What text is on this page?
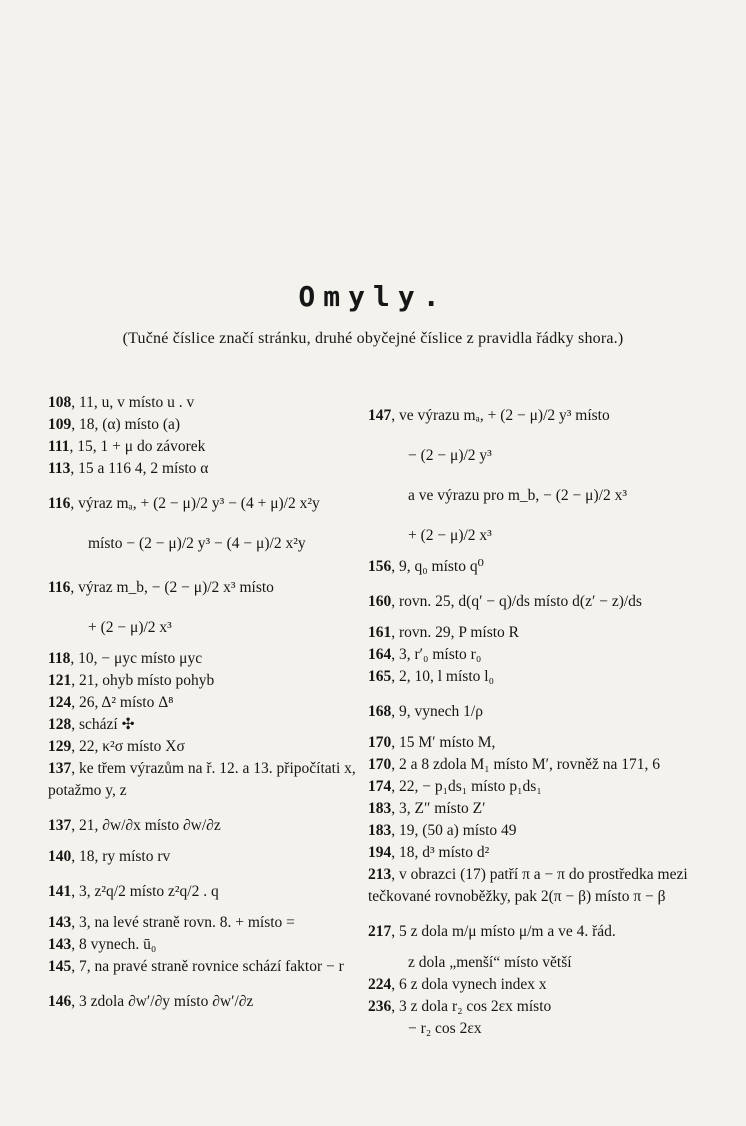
Omyly.
(Tučné číslice značí stránku, druhé obyčejné číslice z pravidla řádky shora.)
108, 11, u, v místo u . v
109, 18, (α) místo (a)
111, 15, 1 + μ do závorek
113, 15 a 116 4, 2 místo α
116, výraz mₐ, + (2 − μ)/2 y³ − (4 + μ)/2 x²y
místo − (2 − μ)/2 y³ − (4 − μ)/2 x²y
116, výraz m_b, − (2 − μ)/2 x³ místo
+ (2 − μ)/2 x³
118, 10, − μyc místo μyc
121, 21, ohyb místo pohyb
124, 26, Δ² místo Δ⁸
128, schází ✣
129, 22, κ²σ místo Xσ
137, ke třem výrazům na ř. 12. a 13. připočítati x, potažmo y, z
137, 21, ∂w/∂x místo ∂w/∂z
140, 18, ry místo rv
141, 3, z²q/2 místo z²q/2 . q
143, 3, na levé straně rovn. 8. + místo =
143, 8 vynech. ū₀
145, 7, na pravé straně rovnice schází faktor − r
146, 3 zdola ∂w′/∂y místo ∂w′/∂z
147, ve výrazu mₐ, + (2 − μ)/2 y³ místo
− (2 − μ)/2 y³
a ve výrazu pro m_b, − (2 − μ)/2 x³
+ (2 − μ)/2 x³
156, 9, q₀ místo q⁰
160, rovn. 25, d(q′ − q)/ds místo d(z′ − z)/ds
161, rovn. 29, P místo R
164, 3, r′₀ místo r₀
165, 2, 10, l místo l₀
168, 9, vynech 1/ρ
170, 15 M′ místo M,
170, 2 a 8 zdola M₁ místo M′, rovněž na 171, 6
174, 22, − p₁ds₁ místo p₁ds₁
183, 3, Z″ místo Z′
183, 19, (50 a) místo 49
194, 18, d³ místo d²
213, v obrazci (17) patří π a − π do prostředka mezi tečkované rovnoběžky, pak 2(π − β) místo π − β
217, 5 z dola m/μ místo μ/m a ve 4. řád.
z dola „menší“ místo větší
224, 6 z dola vynech index x
236, 3 z dola r₂ cos 2εx místo
− r₂ cos 2εx
